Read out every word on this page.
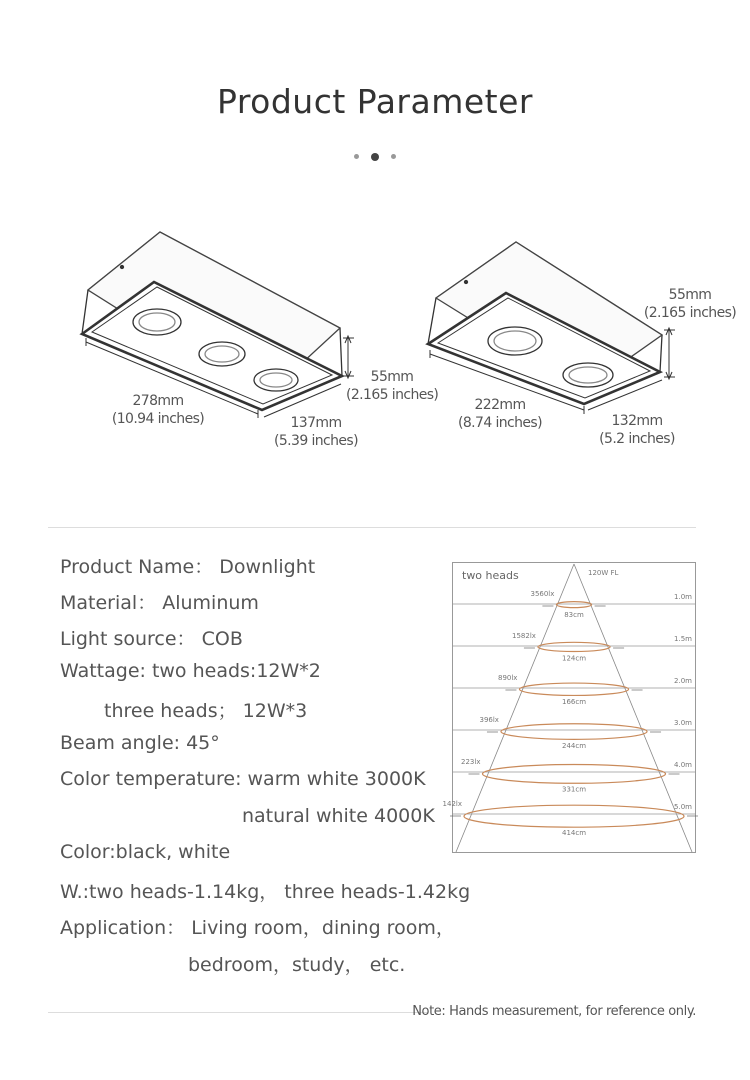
Product Parameter
278mm
(10.94 inches)	137mm
(5.39 inches)
55mm
(2.165 inches)
222mm
(8.74 inches)	132mm
(5.2 inches)
55mm
(2.165 inches)
Product Name： Downlight
Material： Aluminum
Light source： COB
Wattage: two heads:12W*2
three heads； 12W*3
Beam angle: 45°
Color temperature: warm white 3000K
natural white 4000K
Color:black, white
W.:two heads-1.14kg， three heads-1.42kg
Application： Living room，dining room，
bedroom，study， etc.
two heads	120W FL
1.0m
3560lx
83cm
1.5m
1582lx
124cm
2.0m
890lx
166cm
3.0m
396lx
244cm
4.0m
223lx
331cm
5.0m
142lx
414cm
Note: Hands measurement, for reference only.
